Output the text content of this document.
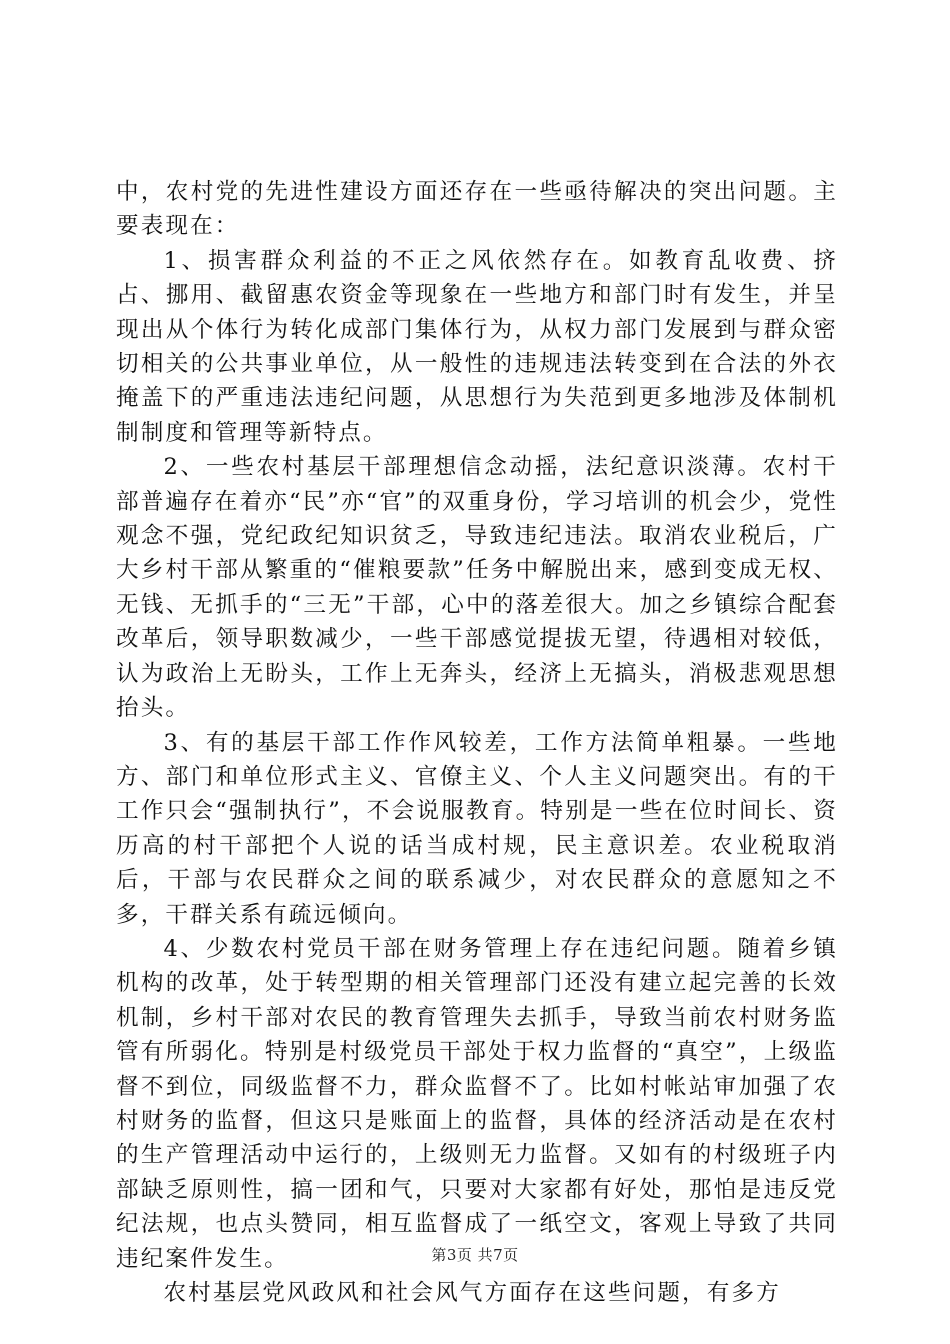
中，农村党的先进性建设方面还存在一些亟待解决的突出问题。主要表现在：

1、损害群众利益的不正之风依然存在。如教育乱收费、挤占、挪用、截留惠农资金等现象在一些地方和部门时有发生，并呈现出从个体行为转化成部门集体行为，从权力部门发展到与群众密切相关的公共事业单位，从一般性的违规违法转变到在合法的外衣掩盖下的严重违法违纪问题，从思想行为失范到更多地涉及体制机制制度和管理等新特点。

2、一些农村基层干部理想信念动摇，法纪意识淡薄。农村干部普遍存在着亦“民”亦“官”的双重身份，学习培训的机会少，党性观念不强，党纪政纪知识贫乏，导致违纪违法。取消农业税后，广大乡村干部从繁重的“催粮要款”任务中解脱出来，感到变成无权、无钱、无抓手的“三无”干部，心中的落差很大。加之乡镇综合配套改革后，领导职数减少，一些干部感觉提拔无望，待遇相对较低，认为政治上无盼头，工作上无奔头，经济上无搞头，消极悲观思想抬头。

3、有的基层干部工作作风较差，工作方法简单粗暴。一些地方、部门和单位形式主义、官僚主义、个人主义问题突出。有的干工作只会“强制执行”，不会说服教育。特别是一些在位时间长、资历高的村干部把个人说的话当成村规，民主意识差。农业税取消后，干部与农民群众之间的联系减少，对农民群众的意愿知之不多，干群关系有疏远倾向。

4、少数农村党员干部在财务管理上存在违纪问题。随着乡镇机构的改革，处于转型期的相关管理部门还没有建立起完善的长效机制，乡村干部对农民的教育管理失去抓手，导致当前农村财务监管有所弱化。特别是村级党员干部处于权力监督的“真空”，上级监督不到位，同级监督不力，群众监督不了。比如村帐站审加强了农村财务的监督，但这只是账面上的监督，具体的经济活动是在农村的生产管理活动中运行的，上级则无力监督。又如有的村级班子内部缺乏原则性，搞一团和气，只要对大家都有好处，那怕是违反党纪法规，也点头赞同，相互监督成了一纸空文，客观上导致了共同违纪案件发生。

农村基层党风政风和社会风气方面存在这些问题，有多方

第3页 共7页
